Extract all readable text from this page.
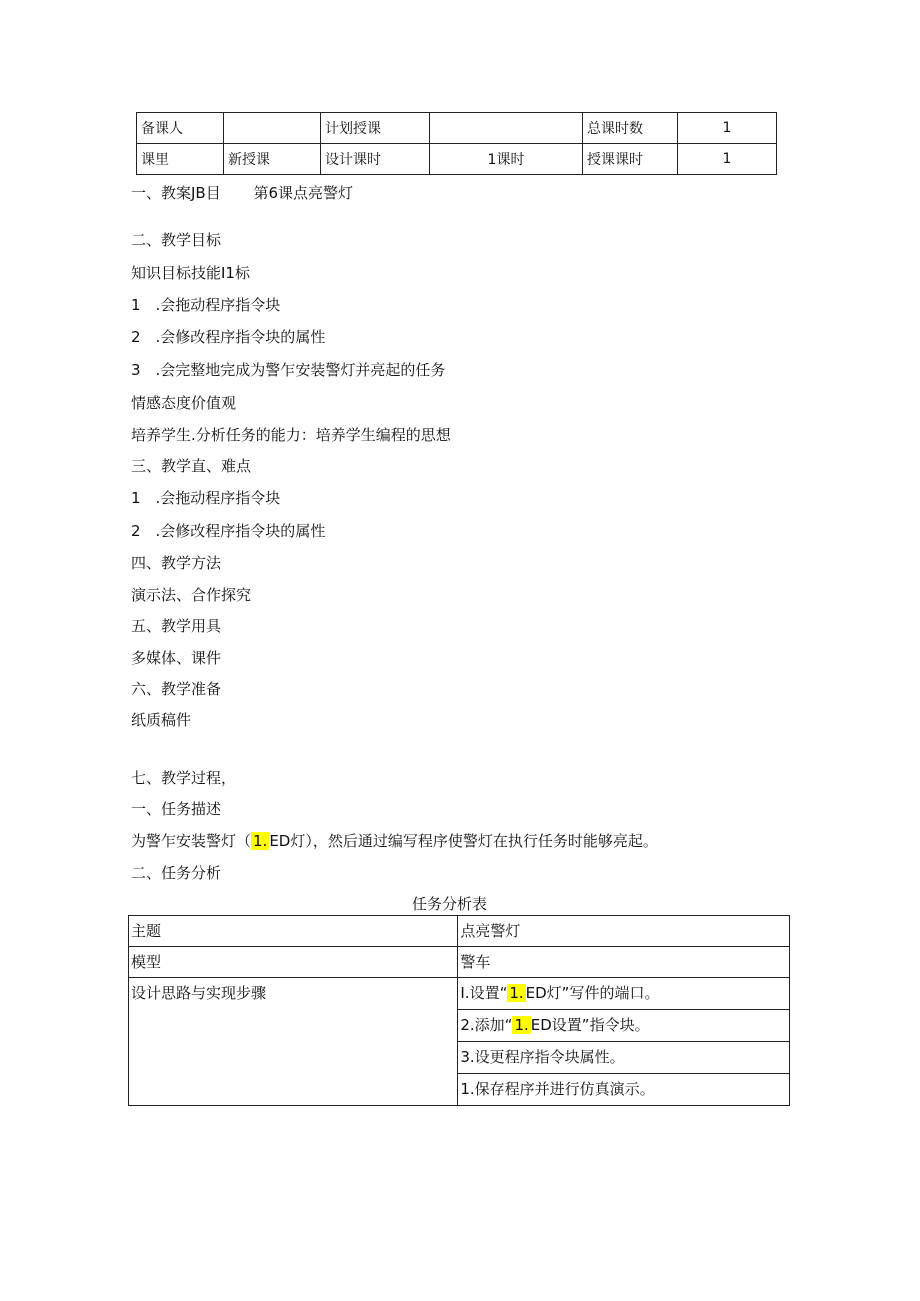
备课人		计划授课		总课时数	1
课里	新授课	设计课时	1课时	授课课时	1
一、教案JB目 第6课点亮警灯
二、教学目标
知识目标技能I1标
1　.会拖动程序指令块
2　.会修改程序指令块的属性
3　.会完整地完成为警乍安装警灯并亮起的任务
情感态度价值观
培养学生.分析任务的能力：培养学生编程的思想
三、教学直、难点
1　.会拖动程序指令块
2　.会修改程序指令块的属性
四、教学方法
演示法、合作探究
五、教学用具
多媒体、课件
六、教学准备
纸质稿件
七、教学过程，
一、任务描述
为警乍安装警灯（ 1. ED灯），然后通过编写程序使警灯在执行任务时能够亮起。
二、任务分析
任务分析表
主题	点亮警灯
模型	警车
设计思路与实现步骤	I.设置“ 1. ED灯”写件的端口。
2.添加“ 1. ED设置”指令块。
3.设更程序指令块属性。
1.保存程序并进行仿真演示。
